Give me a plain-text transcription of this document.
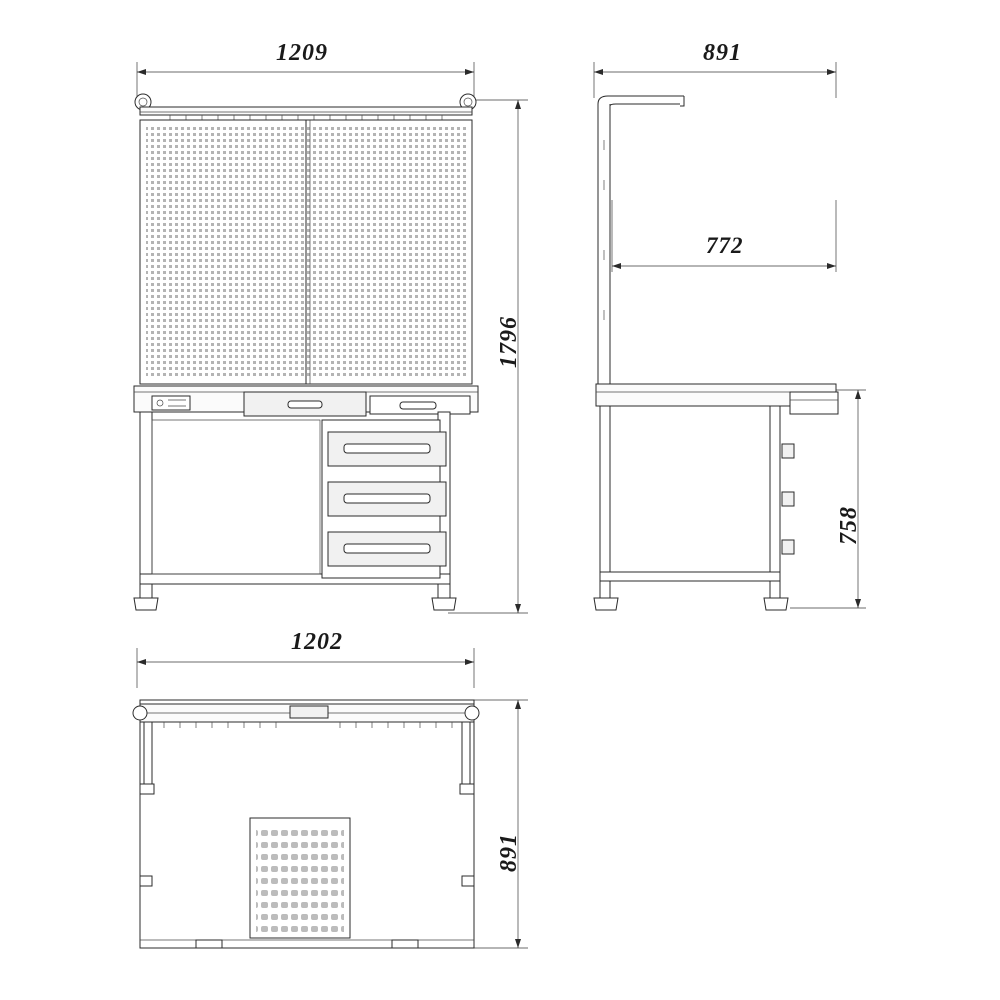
1209
1796
891
772
758
1202
891
